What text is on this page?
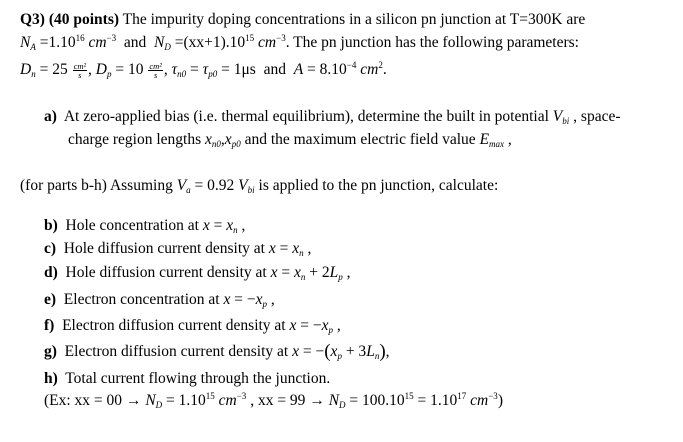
Q3) (40 points) The impurity doping concentrations in a silicon pn junction at T=300K are
$N_A =1.10^{16}$ $cm^{-3}$ and $N_D =(xx+1).10^{15}$ $cm^{-3}$. The pn junction has the following parameters:
$D_n = 25 \frac{\text{cm²}}{s}$ , $D_p = 10 \frac{\text{cm²}}{s}$ , $\tau_{n0} = \tau_{p0} = 1\mu s$ and $A = 8.10^{-4}$ $cm^2$.
a) At zero-applied bias (i.e. thermal equilibrium), determine the built in potential $V_{bi}$ , space-
charge region lengths $x_{n0},x_{p0}$ and the maximum electric field value $E_{max}$ ,
(for parts b-h) Assuming $V_a = 0.92$ $V_{bi}$ is applied to the pn junction, calculate:
b) Hole concentration at $x = x_n$ ,
c) Hole diffusion current density at $x = x_n$ ,
d) Hole diffusion current density at $x = x_n + 2L_p$ ,
e) Electron concentration at $x = -x_p$ ,
f) Electron diffusion current density at $x = -x_p$ ,
g) Electron diffusion current density at $x = -(x_p + 3L_n)$,
h) Total current flowing through the junction.
(Ex: xx = $00 \to N_D = 1.10^{15}$ $cm^{-3}$ , xx = $99 \to N_D = 100.10^{15} = 1.10^{17}$ $cm^{-3}$)
